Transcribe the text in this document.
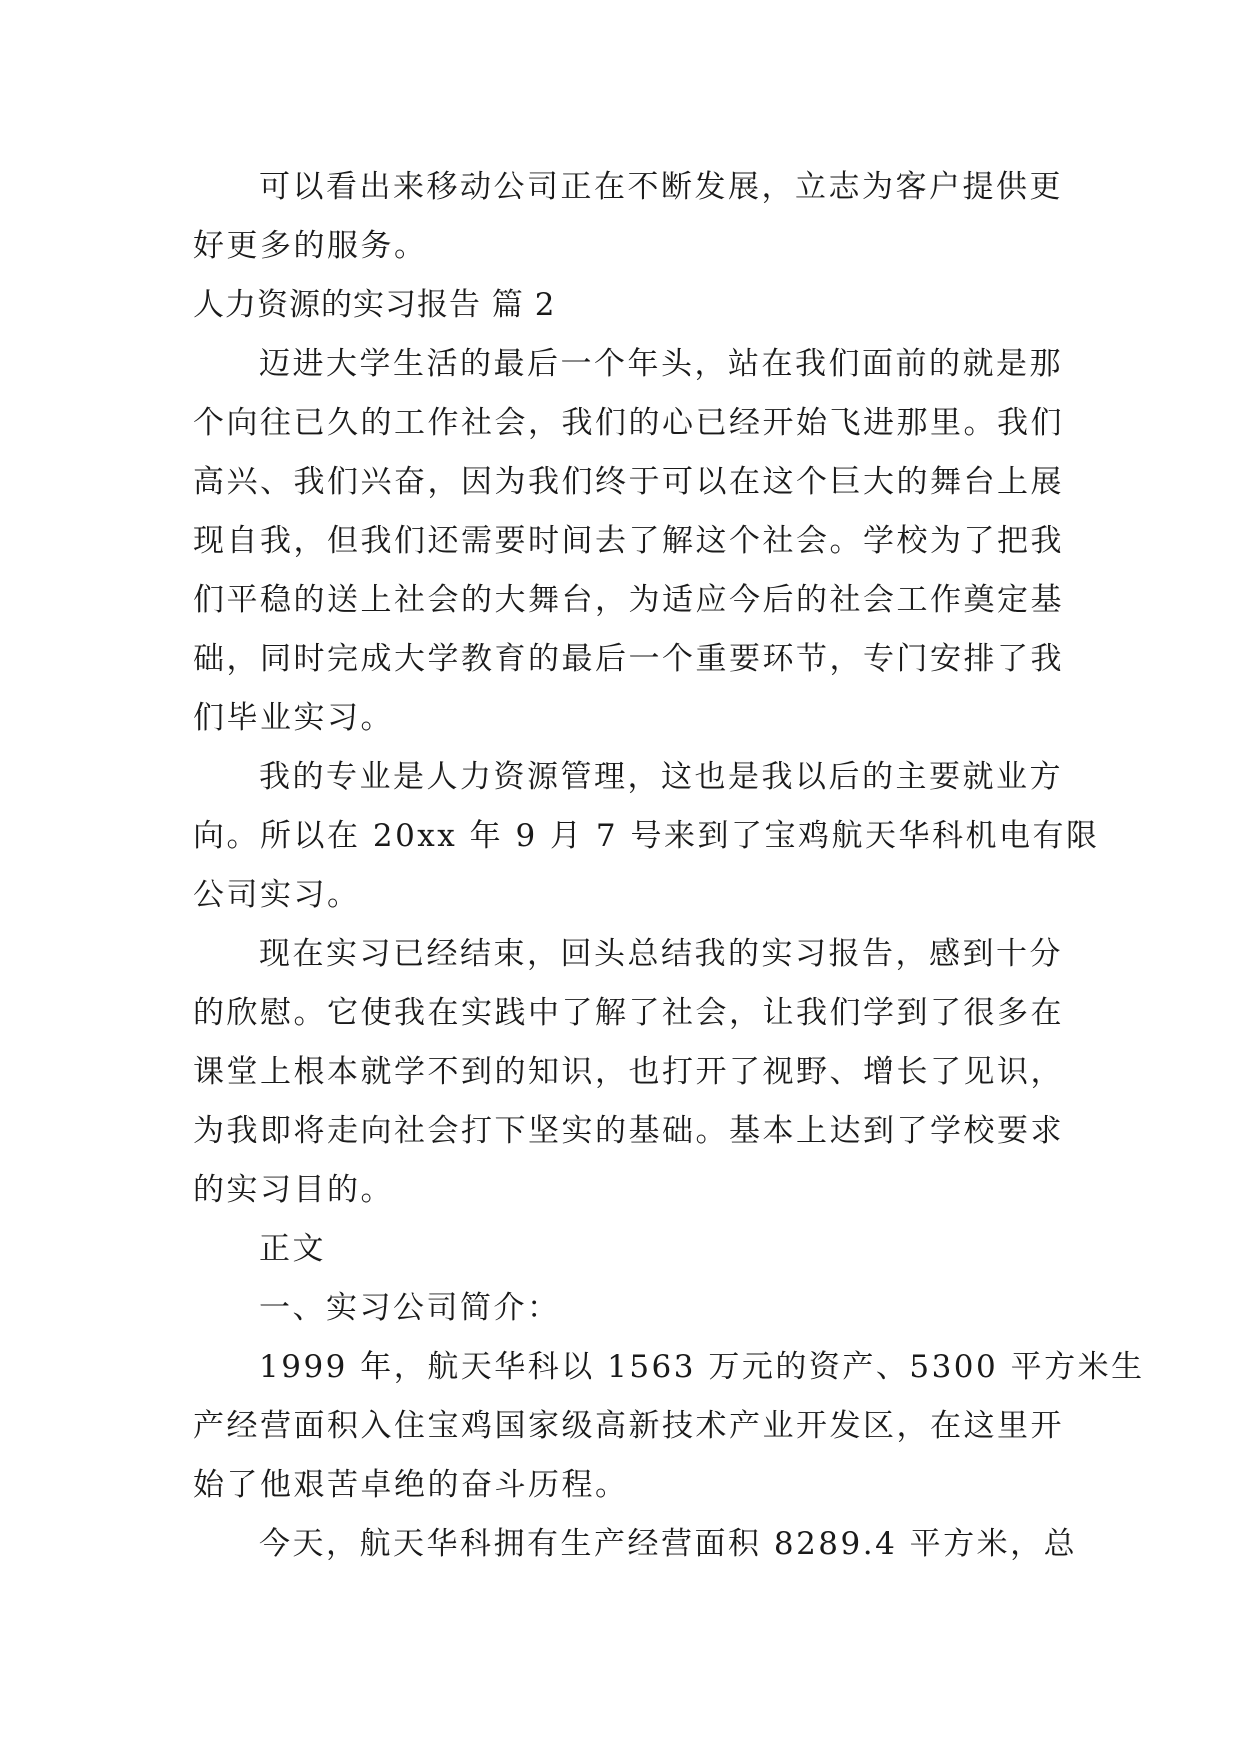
可以看出来移动公司正在不断发展，立志为客户提供更
好更多的服务。
人力资源的实习报告 篇 2
迈进大学生活的最后一个年头，站在我们面前的就是那
个向往已久的工作社会，我们的心已经开始飞进那里。我们
高兴、我们兴奋，因为我们终于可以在这个巨大的舞台上展
现自我，但我们还需要时间去了解这个社会。学校为了把我
们平稳的送上社会的大舞台，为适应今后的社会工作奠定基
础，同时完成大学教育的最后一个重要环节，专门安排了我
们毕业实习。
我的专业是人力资源管理，这也是我以后的主要就业方
向。所以在 20xx 年 9 月 7 号来到了宝鸡航天华科机电有限
公司实习。
现在实习已经结束，回头总结我的实习报告，感到十分
的欣慰。它使我在实践中了解了社会，让我们学到了很多在
课堂上根本就学不到的知识，也打开了视野、增长了见识，
为我即将走向社会打下坚实的基础。基本上达到了学校要求
的实习目的。
正文
一、实习公司简介：
1999 年，航天华科以 1563 万元的资产、5300 平方米生
产经营面积入住宝鸡国家级高新技术产业开发区，在这里开
始了他艰苦卓绝的奋斗历程。
今天，航天华科拥有生产经营面积 8289.4 平方米，总
